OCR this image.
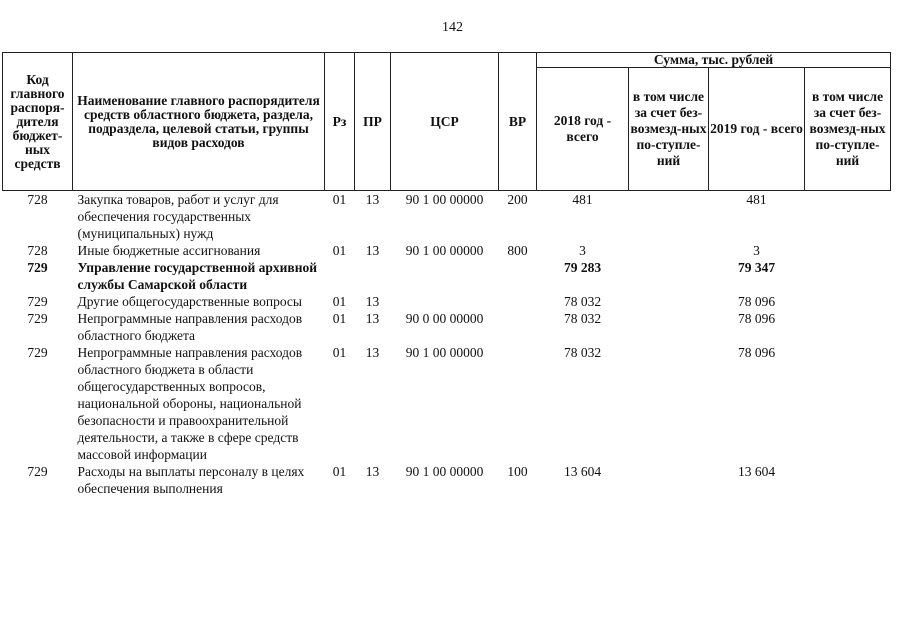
142
Код главного распоря-дителя бюджет-ных средств	Наименование главного распорядителя средств областного бюджета, раздела, подраздела, целевой статьи, группы видов расходов	Рз	ПР	ЦСР	ВР	Сумма, тыс. рублей			
						2018 год - всего	в том числе за счет без-возмезд-ных по-ступле-ний	2019 год - всего	в том числе за счет без-возмезд-ных по-ступле-ний
728	Закупка товаров, работ и услуг для обеспечения государственных (муниципальных) нужд	01	13	90 1 00 00000	200	481		481	
728	Иные бюджетные ассигнования	01	13	90 1 00 00000	800	3		3	
729	Управление государственной архивной службы Самарской области					79 283		79 347	
729	Другие общегосударственные вопросы	01	13			78 032		78 096	
729	Непрограммные направления расходов областного бюджета	01	13	90 0 00 00000		78 032		78 096	
729	Непрограммные направления расходов областного бюджета в области общегосударственных вопросов, национальной обороны, национальной безопасности и правоохранительной деятельности, а также в сфере средств массовой информации	01	13	90 1 00 00000		78 032		78 096	
729	Расходы на выплаты персоналу в целях обеспечения выполнения	01	13	90 1 00 00000	100	13 604		13 604	
